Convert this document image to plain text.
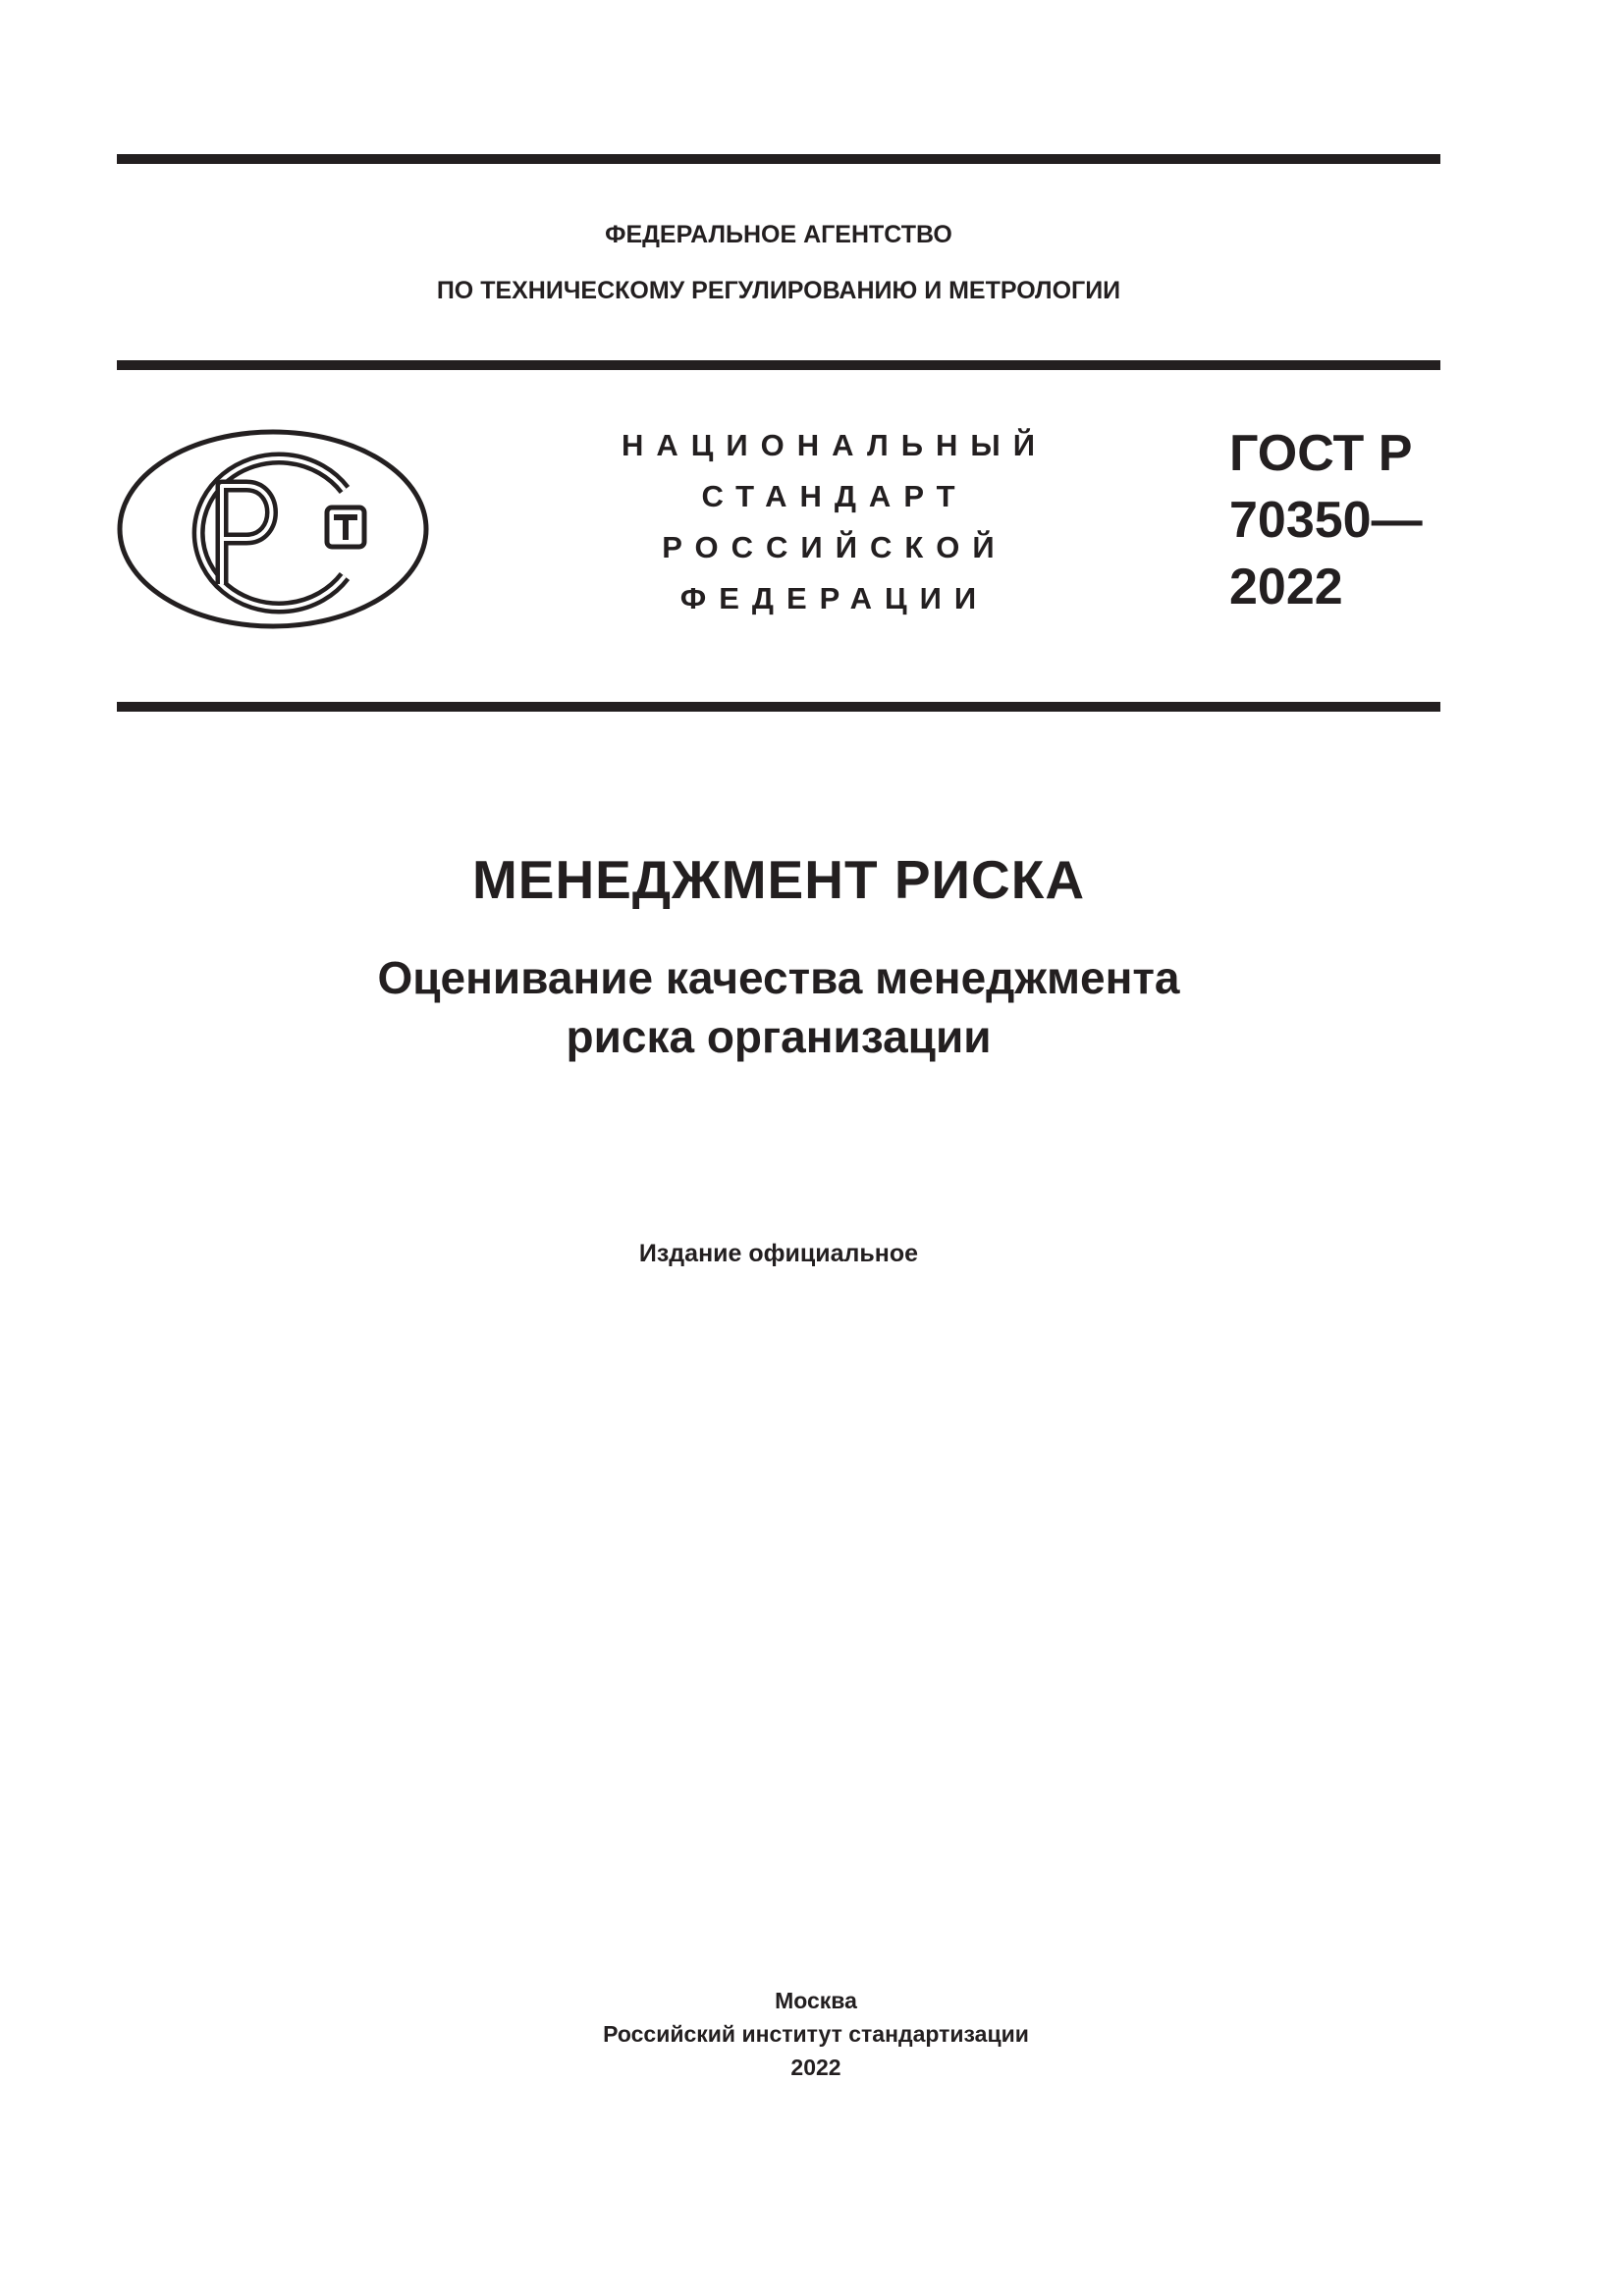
ФЕДЕРАЛЬНОЕ АГЕНТСТВО
ПО ТЕХНИЧЕСКОМУ РЕГУЛИРОВАНИЮ И МЕТРОЛОГИИ
НАЦИОНАЛЬНЫЙ
СТАНДАРТ
РОССИЙСКОЙ
ФЕДЕРАЦИИ
ГОСТ Р
70350—
2022
МЕНЕДЖМЕНТ РИСКА
Оценивание качества менеджмента
риска организации
Издание официальное
Москва
Российский институт стандартизации
2022
